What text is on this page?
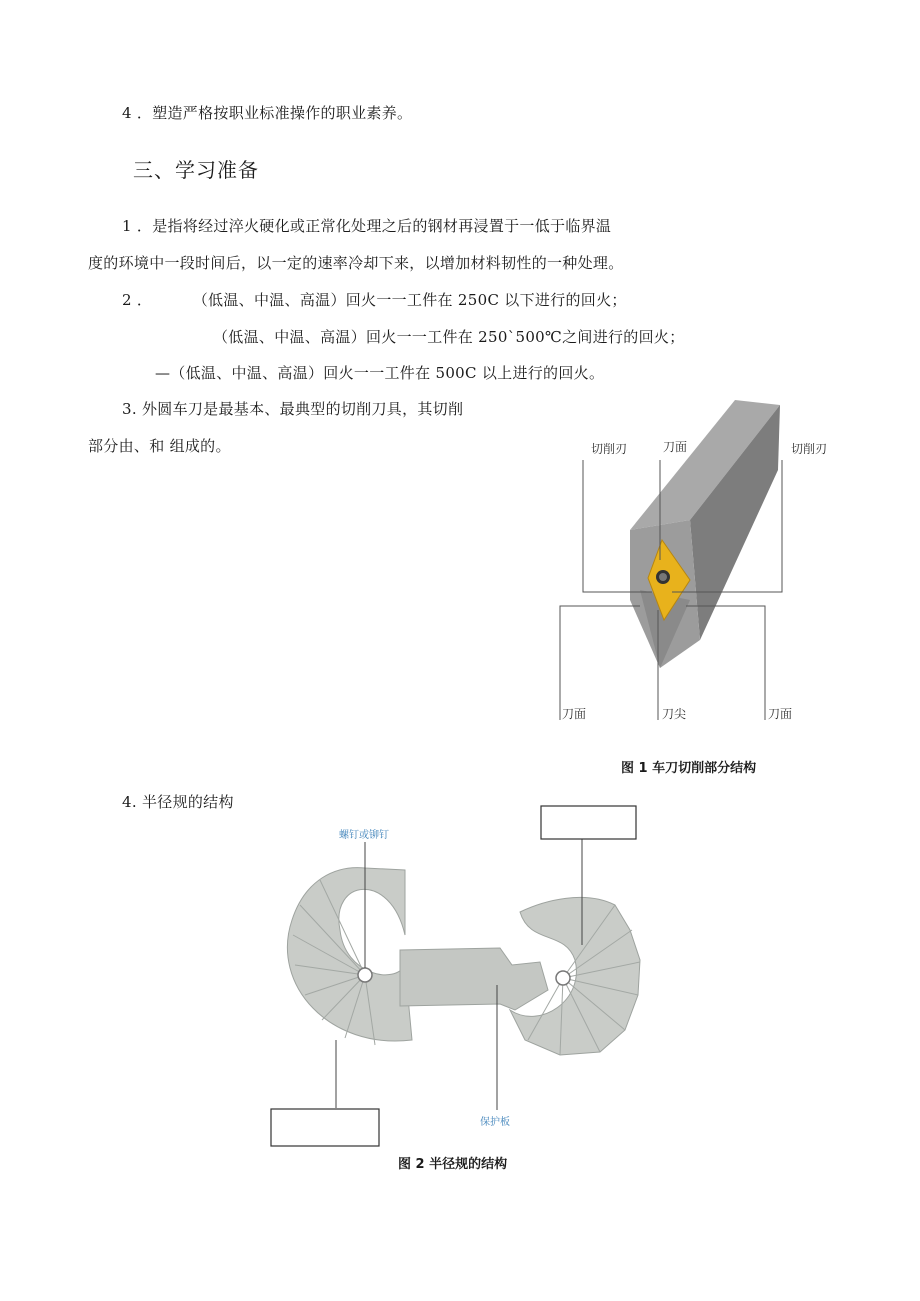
4 ．塑造严格按职业标准操作的职业素养。
三、学习准备
1 ．是指将经过淬火硬化或正常化处理之后的钢材再浸置于一低于临界温
度的环境中一段时间后，以一定的速率冷却下来，以增加材料韧性的一种处理。
2 ．        （低温、中温、高温）回火一一工件在 250C 以下进行的回火；
（低温、中温、高温）回火一一工件在 250`500℃之间进行的回火；
—（低温、中温、高温）回火一一工件在 500C 以上进行的回火。
3. 外圆车刀是最基本、最典型的切削刀具，其切削
部分由、和 组成的。	切削刃	刀面	切削刃
刀面	刀尖	刀面
图 1 车刀切削部分结构
4. 半径规的结构
螺钉或铆钉
保护板
图 2 半径规的结构
